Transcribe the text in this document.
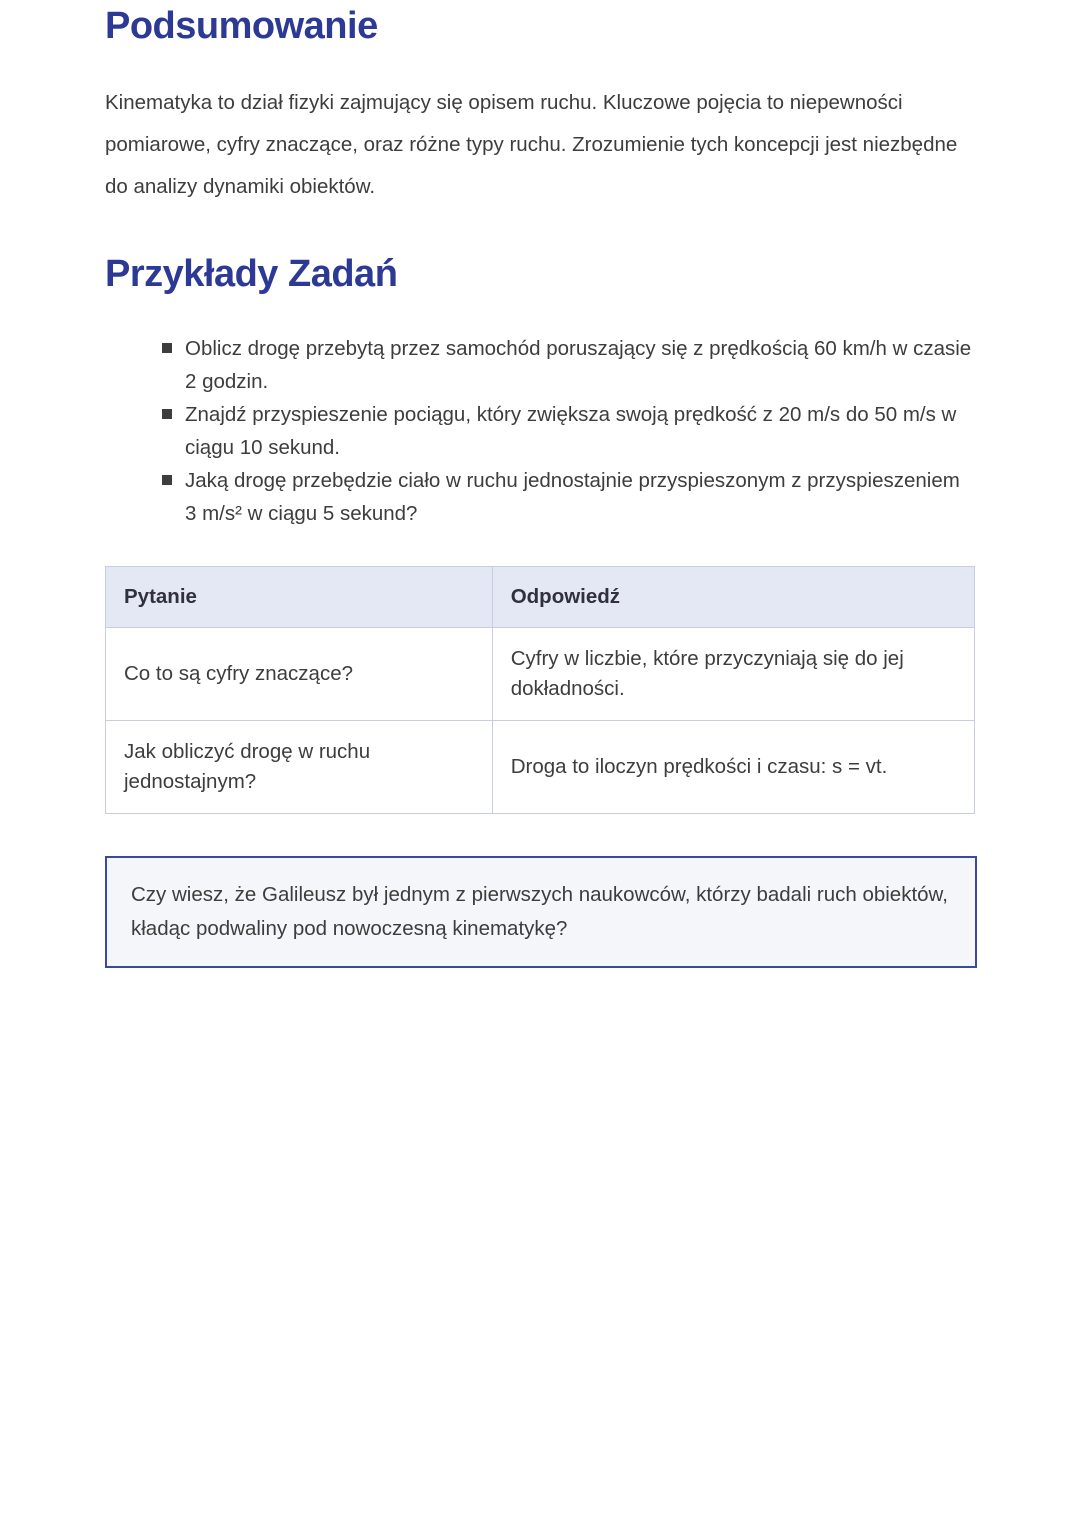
Podsumowanie

Kinematyka to dział fizyki zajmujący się opisem ruchu. Kluczowe pojęcia to niepewności pomiarowe, cyfry znaczące, oraz różne typy ruchu. Zrozumienie tych koncepcji jest niezbędne do analizy dynamiki obiektów.

Przykłady Zadań
Oblicz drogę przebytą przez samochód poruszający się z prędkością 60 km/h w czasie 2 godzin.
Znajdź przyspieszenie pociągu, który zwiększa swoją prędkość z 20 m/s do 50 m/s w ciągu 10 sekund.
Jaką drogę przebędzie ciało w ruchu jednostajnie przyspieszonym z przyspieszeniem 3 m/s² w ciągu 5 sekund?
Pytanie	Odpowiedź
Co to są cyfry znaczące?	Cyfry w liczbie, które przyczyniają się do jej dokładności.
Jak obliczyć drogę w ruchu jednostajnym?	Droga to iloczyn prędkości i czasu: s = vt.

Czy wiesz, że Galileusz był jednym z pierwszych naukowców, którzy badali ruch obiektów, kładąc podwaliny pod nowoczesną kinematykę?
